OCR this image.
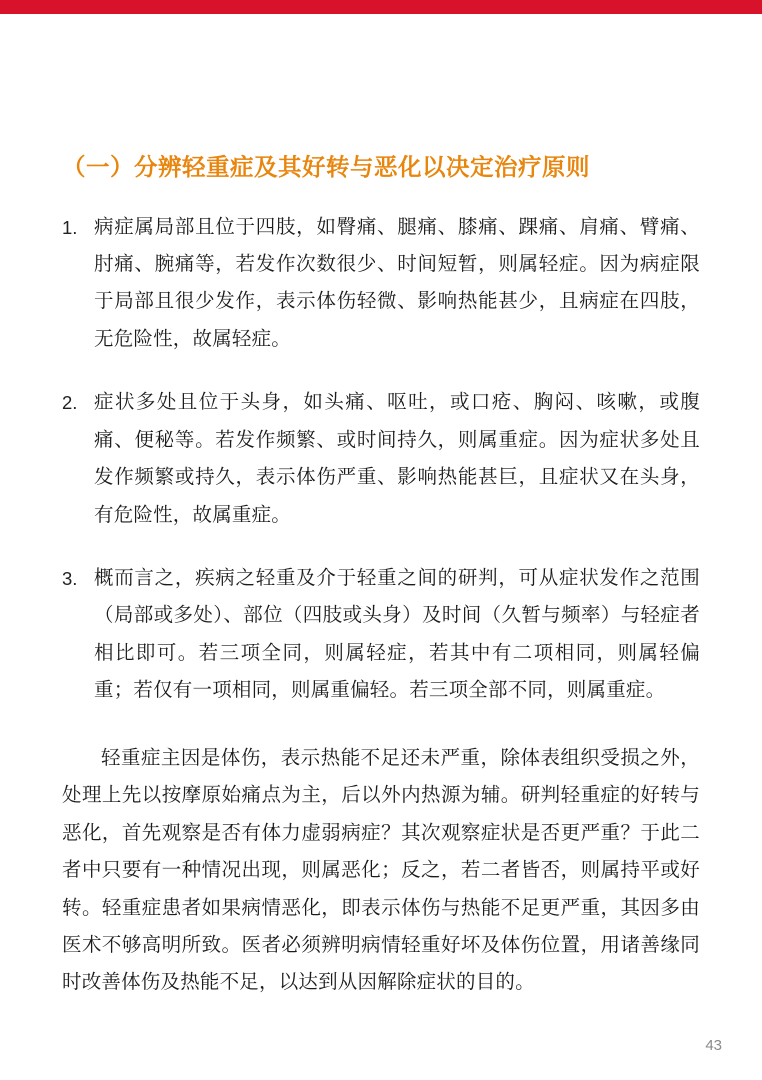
（一）分辨轻重症及其好转与恶化以决定治疗原则
1. 病症属局部且位于四肢，如臀痛、腿痛、膝痛、踝痛、肩痛、臂痛、肘痛、腕痛等，若发作次数很少、时间短暂，则属轻症。因为病症限于局部且很少发作，表示体伤轻微、影响热能甚少，且病症在四肢，无危险性，故属轻症。
2. 症状多处且位于头身，如头痛、呕吐，或口疮、胸闷、咳嗽，或腹痛、便秘等。若发作频繁、或时间持久，则属重症。因为症状多处且发作频繁或持久，表示体伤严重、影响热能甚巨，且症状又在头身，有危险性，故属重症。
3. 概而言之，疾病之轻重及介于轻重之间的研判，可从症状发作之范围（局部或多处）、部位（四肢或头身）及时间（久暂与频率）与轻症者相比即可。若三项全同，则属轻症，若其中有二项相同，则属轻偏重；若仅有一项相同，则属重偏轻。若三项全部不同，则属重症。

轻重症主因是体伤，表示热能不足还未严重，除体表组织受损之外，处理上先以按摩原始痛点为主，后以外内热源为辅。研判轻重症的好转与恶化，首先观察是否有体力虚弱病症？其次观察症状是否更严重？于此二者中只要有一种情况出现，则属恶化；反之，若二者皆否，则属持平或好转。轻重症患者如果病情恶化，即表示体伤与热能不足更严重，其因多由医术不够高明所致。医者必须辨明病情轻重好坏及体伤位置，用诸善缘同时改善体伤及热能不足，以达到从因解除症状的目的。

43
